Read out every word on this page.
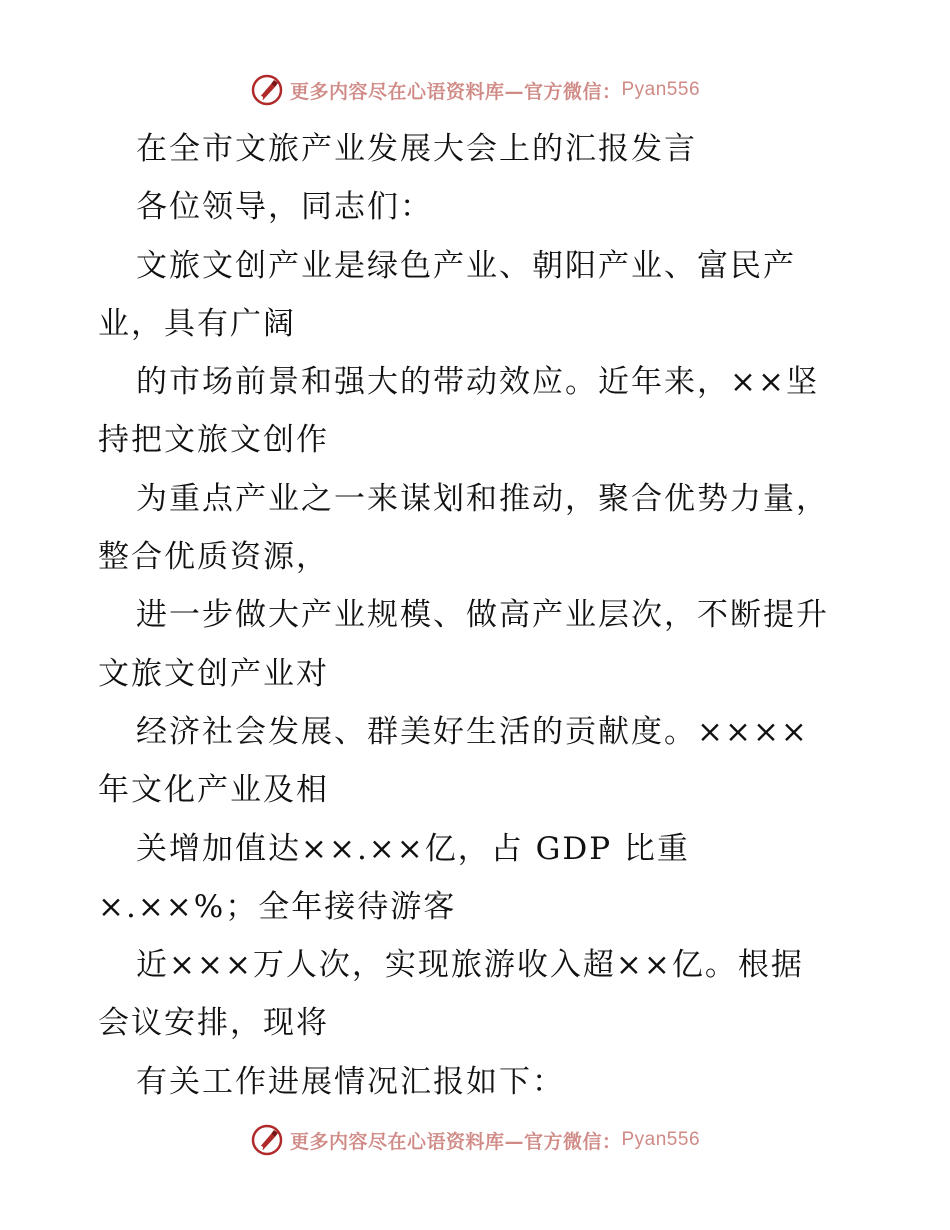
更多内容尽在心语资料库—官方微信： Pyan556
在全市文旅产业发展大会上的汇报发言
各位领导，同志们：
文旅文创产业是绿色产业、朝阳产业、富民产
业，具有广阔
的市场前景和强大的带动效应。近年来，××坚
持把文旅文创作
为重点产业之一来谋划和推动，聚合优势力量，
整合优质资源，
进一步做大产业规模、做高产业层次，不断提升
文旅文创产业对
经济社会发展、群美好生活的贡献度。××××
年文化产业及相
关增加值达××.××亿，占 GDP 比重
×.××%；全年接待游客
近×××万人次，实现旅游收入超××亿。根据
会议安排，现将
有关工作进展情况汇报如下：
更多内容尽在心语资料库—官方微信： Pyan556
